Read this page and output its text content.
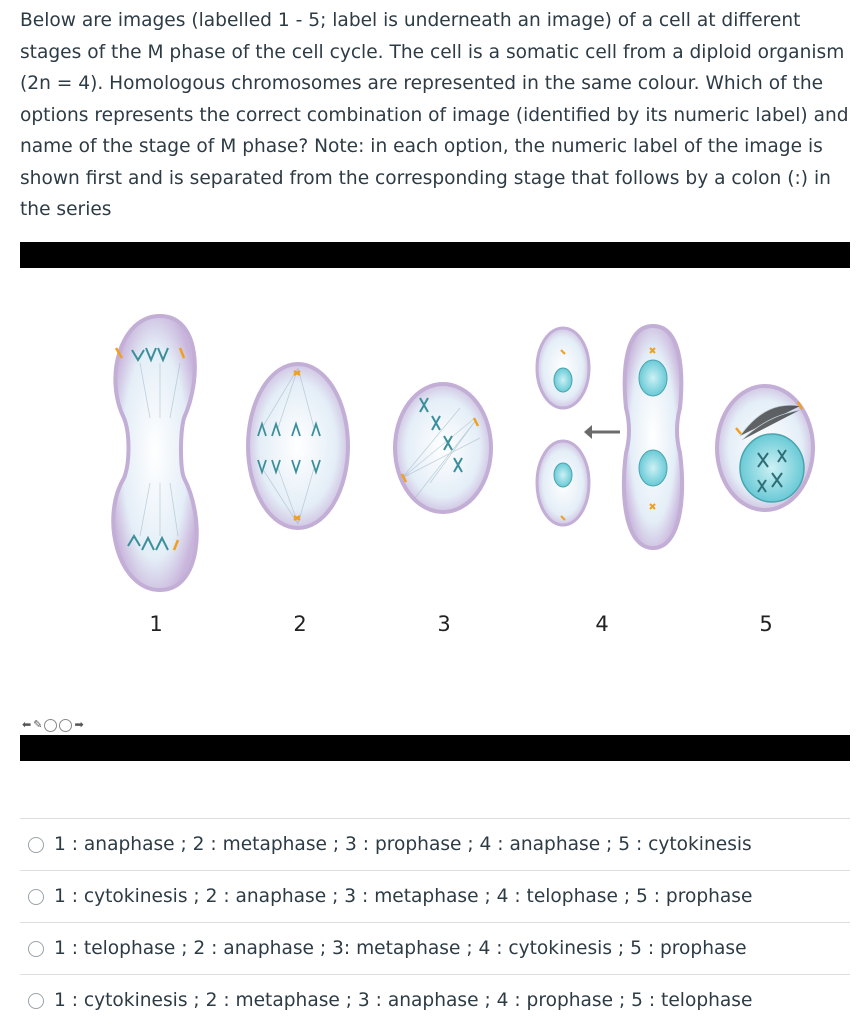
Below are images (labelled 1 - 5; label is underneath an image) of a cell at different stages of the M phase of the cell cycle. The cell is a somatic cell from a diploid organism (2n = 4). Homologous chromosomes are represented in the same colour. Which of the options represents the correct combination of image (identified by its numeric label) and name of the stage of M phase? Note: in each option, the numeric label of the image is shown first and is separated from the corresponding stage that follows by a colon (:) in the series

1	2	3	4	5
⬅ ✎	➡
1 : anaphase ; 2 : metaphase ; 3 : prophase ; 4 : anaphase ; 5 : cytokinesis
1 : cytokinesis ; 2 : anaphase ; 3 : metaphase ; 4 : telophase ; 5 : prophase
1 : telophase ; 2 : anaphase ; 3: metaphase ; 4 : cytokinesis ; 5 : prophase
1 : cytokinesis ; 2 : metaphase ; 3 : anaphase ; 4 : prophase ; 5 : telophase
